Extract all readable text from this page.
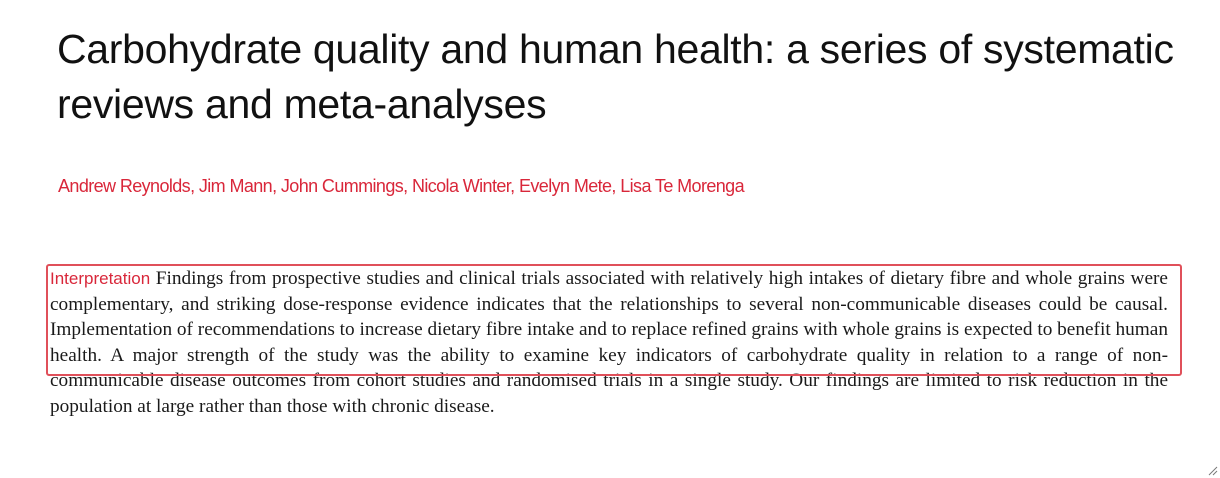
Carbohydrate quality and human health: a series of systematic reviews and meta-analyses

Andrew Reynolds, Jim Mann, John Cummings, Nicola Winter, Evelyn Mete, Lisa Te Morenga

Interpretation Findings from prospective studies and clinical trials associated with relatively high intakes of dietary fibre and whole grains were complementary, and striking dose-response evidence indicates that the relationships to several non-communicable diseases could be causal. Implementation of recommendations to increase dietary fibre intake and to replace refined grains with whole grains is expected to benefit human health. A major strength of the study was the ability to examine key indicators of carbohydrate quality in relation to a range of non-communicable disease outcomes from cohort studies and randomised trials in a single study. Our findings are limited to risk reduction in the population at large rather than those with chronic disease.
